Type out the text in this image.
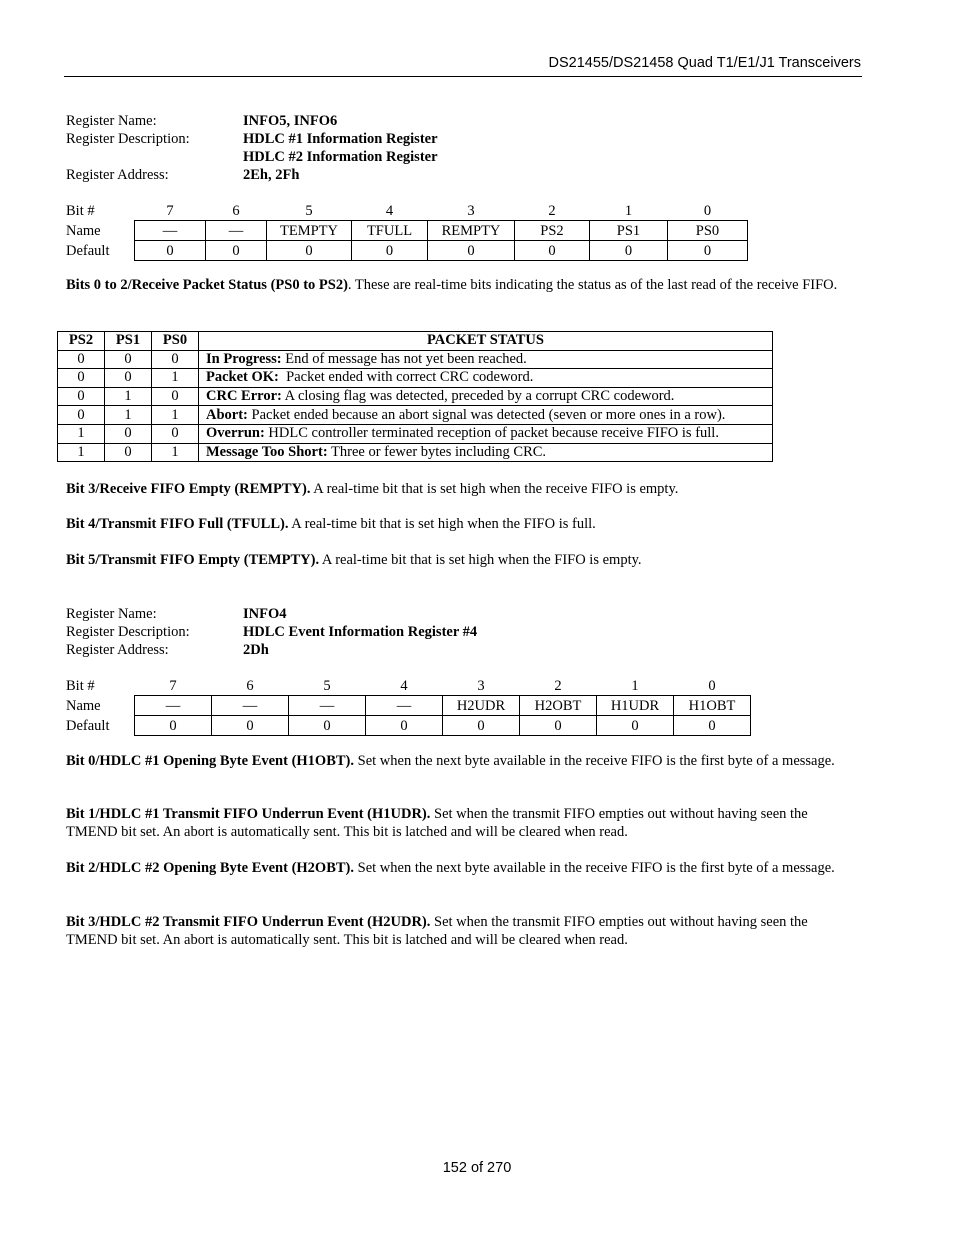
DS21455/DS21458 Quad T1/E1/J1 Transceivers
Register Name:	INFO5, INFO6
Register Description:	HDLC #1 Information Register
HDLC #2 Information Register
Register Address:	2Eh, 2Fh
Bit #	7	6	5	4	3	2	1	0
Name	—	—	TEMPTY	TFULL	REMPTY	PS2	PS1	PS0
Default	0	0	0	0	0	0	0	0
Bits 0 to 2/Receive Packet Status (PS0 to PS2). These are real-time bits indicating the status as of the last read of the receive FIFO.
PS2	PS1	PS0	PACKET STATUS
0	0	0	In Progress: End of message has not yet been reached.
0	0	1	Packet OK:  Packet ended with correct CRC codeword.
0	1	0	CRC Error: A closing flag was detected, preceded by a corrupt CRC codeword.
0	1	1	Abort: Packet ended because an abort signal was detected (seven or more ones in a row).
1	0	0	Overrun: HDLC controller terminated reception of packet because receive FIFO is full.
1	0	1	Message Too Short: Three or fewer bytes including CRC.
Bit 3/Receive FIFO Empty (REMPTY). A real-time bit that is set high when the receive FIFO is empty.
Bit 4/Transmit FIFO Full (TFULL). A real-time bit that is set high when the FIFO is full.
Bit 5/Transmit FIFO Empty (TEMPTY). A real-time bit that is set high when the FIFO is empty.
Register Name:	INFO4
Register Description:	HDLC Event Information Register #4
Register Address:	2Dh
Bit #	7	6	5	4	3	2	1	0
Name	—	—	—	—	H2UDR	H2OBT	H1UDR	H1OBT
Default	0	0	0	0	0	0	0	0
Bit 0/HDLC #1 Opening Byte Event (H1OBT). Set when the next byte available in the receive FIFO is the first byte of a message.
Bit 1/HDLC #1 Transmit FIFO Underrun Event (H1UDR). Set when the transmit FIFO empties out without having seen the TMEND bit set. An abort is automatically sent. This bit is latched and will be cleared when read.
Bit 2/HDLC #2 Opening Byte Event (H2OBT). Set when the next byte available in the receive FIFO is the first byte of a message.
Bit 3/HDLC #2 Transmit FIFO Underrun Event (H2UDR). Set when the transmit FIFO empties out without having seen the TMEND bit set. An abort is automatically sent. This bit is latched and will be cleared when read.
152 of 270
